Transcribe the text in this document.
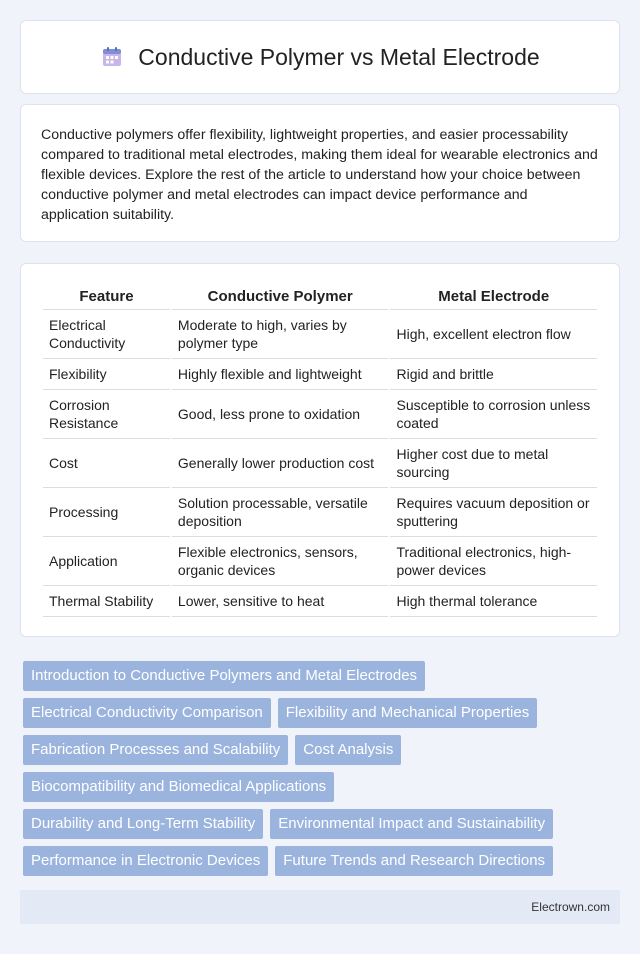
Conductive Polymer vs Metal Electrode

Conductive polymers offer flexibility, lightweight properties, and easier processability compared to traditional metal electrodes, making them ideal for wearable electronics and flexible devices. Explore the rest of the article to understand how your choice between conductive polymer and metal electrodes can impact device performance and application suitability.

Feature	Conductive Polymer	Metal Electrode
Electrical Conductivity	Moderate to high, varies by polymer type	High, excellent electron flow
Flexibility	Highly flexible and lightweight	Rigid and brittle
Corrosion Resistance	Good, less prone to oxidation	Susceptible to corrosion unless coated
Cost	Generally lower production cost	Higher cost due to metal sourcing
Processing	Solution processable, versatile deposition	Requires vacuum deposition or sputtering
Application	Flexible electronics, sensors, organic devices	Traditional electronics, high-power devices
Thermal Stability	Lower, sensitive to heat	High thermal tolerance
Introduction to Conductive Polymers and Metal Electrodes
Electrical Conductivity Comparison	Flexibility and Mechanical Properties
Fabrication Processes and Scalability	Cost Analysis
Biocompatibility and Biomedical Applications
Durability and Long-Term Stability	Environmental Impact and Sustainability
Performance in Electronic Devices	Future Trends and Research Directions
Electrown.com
